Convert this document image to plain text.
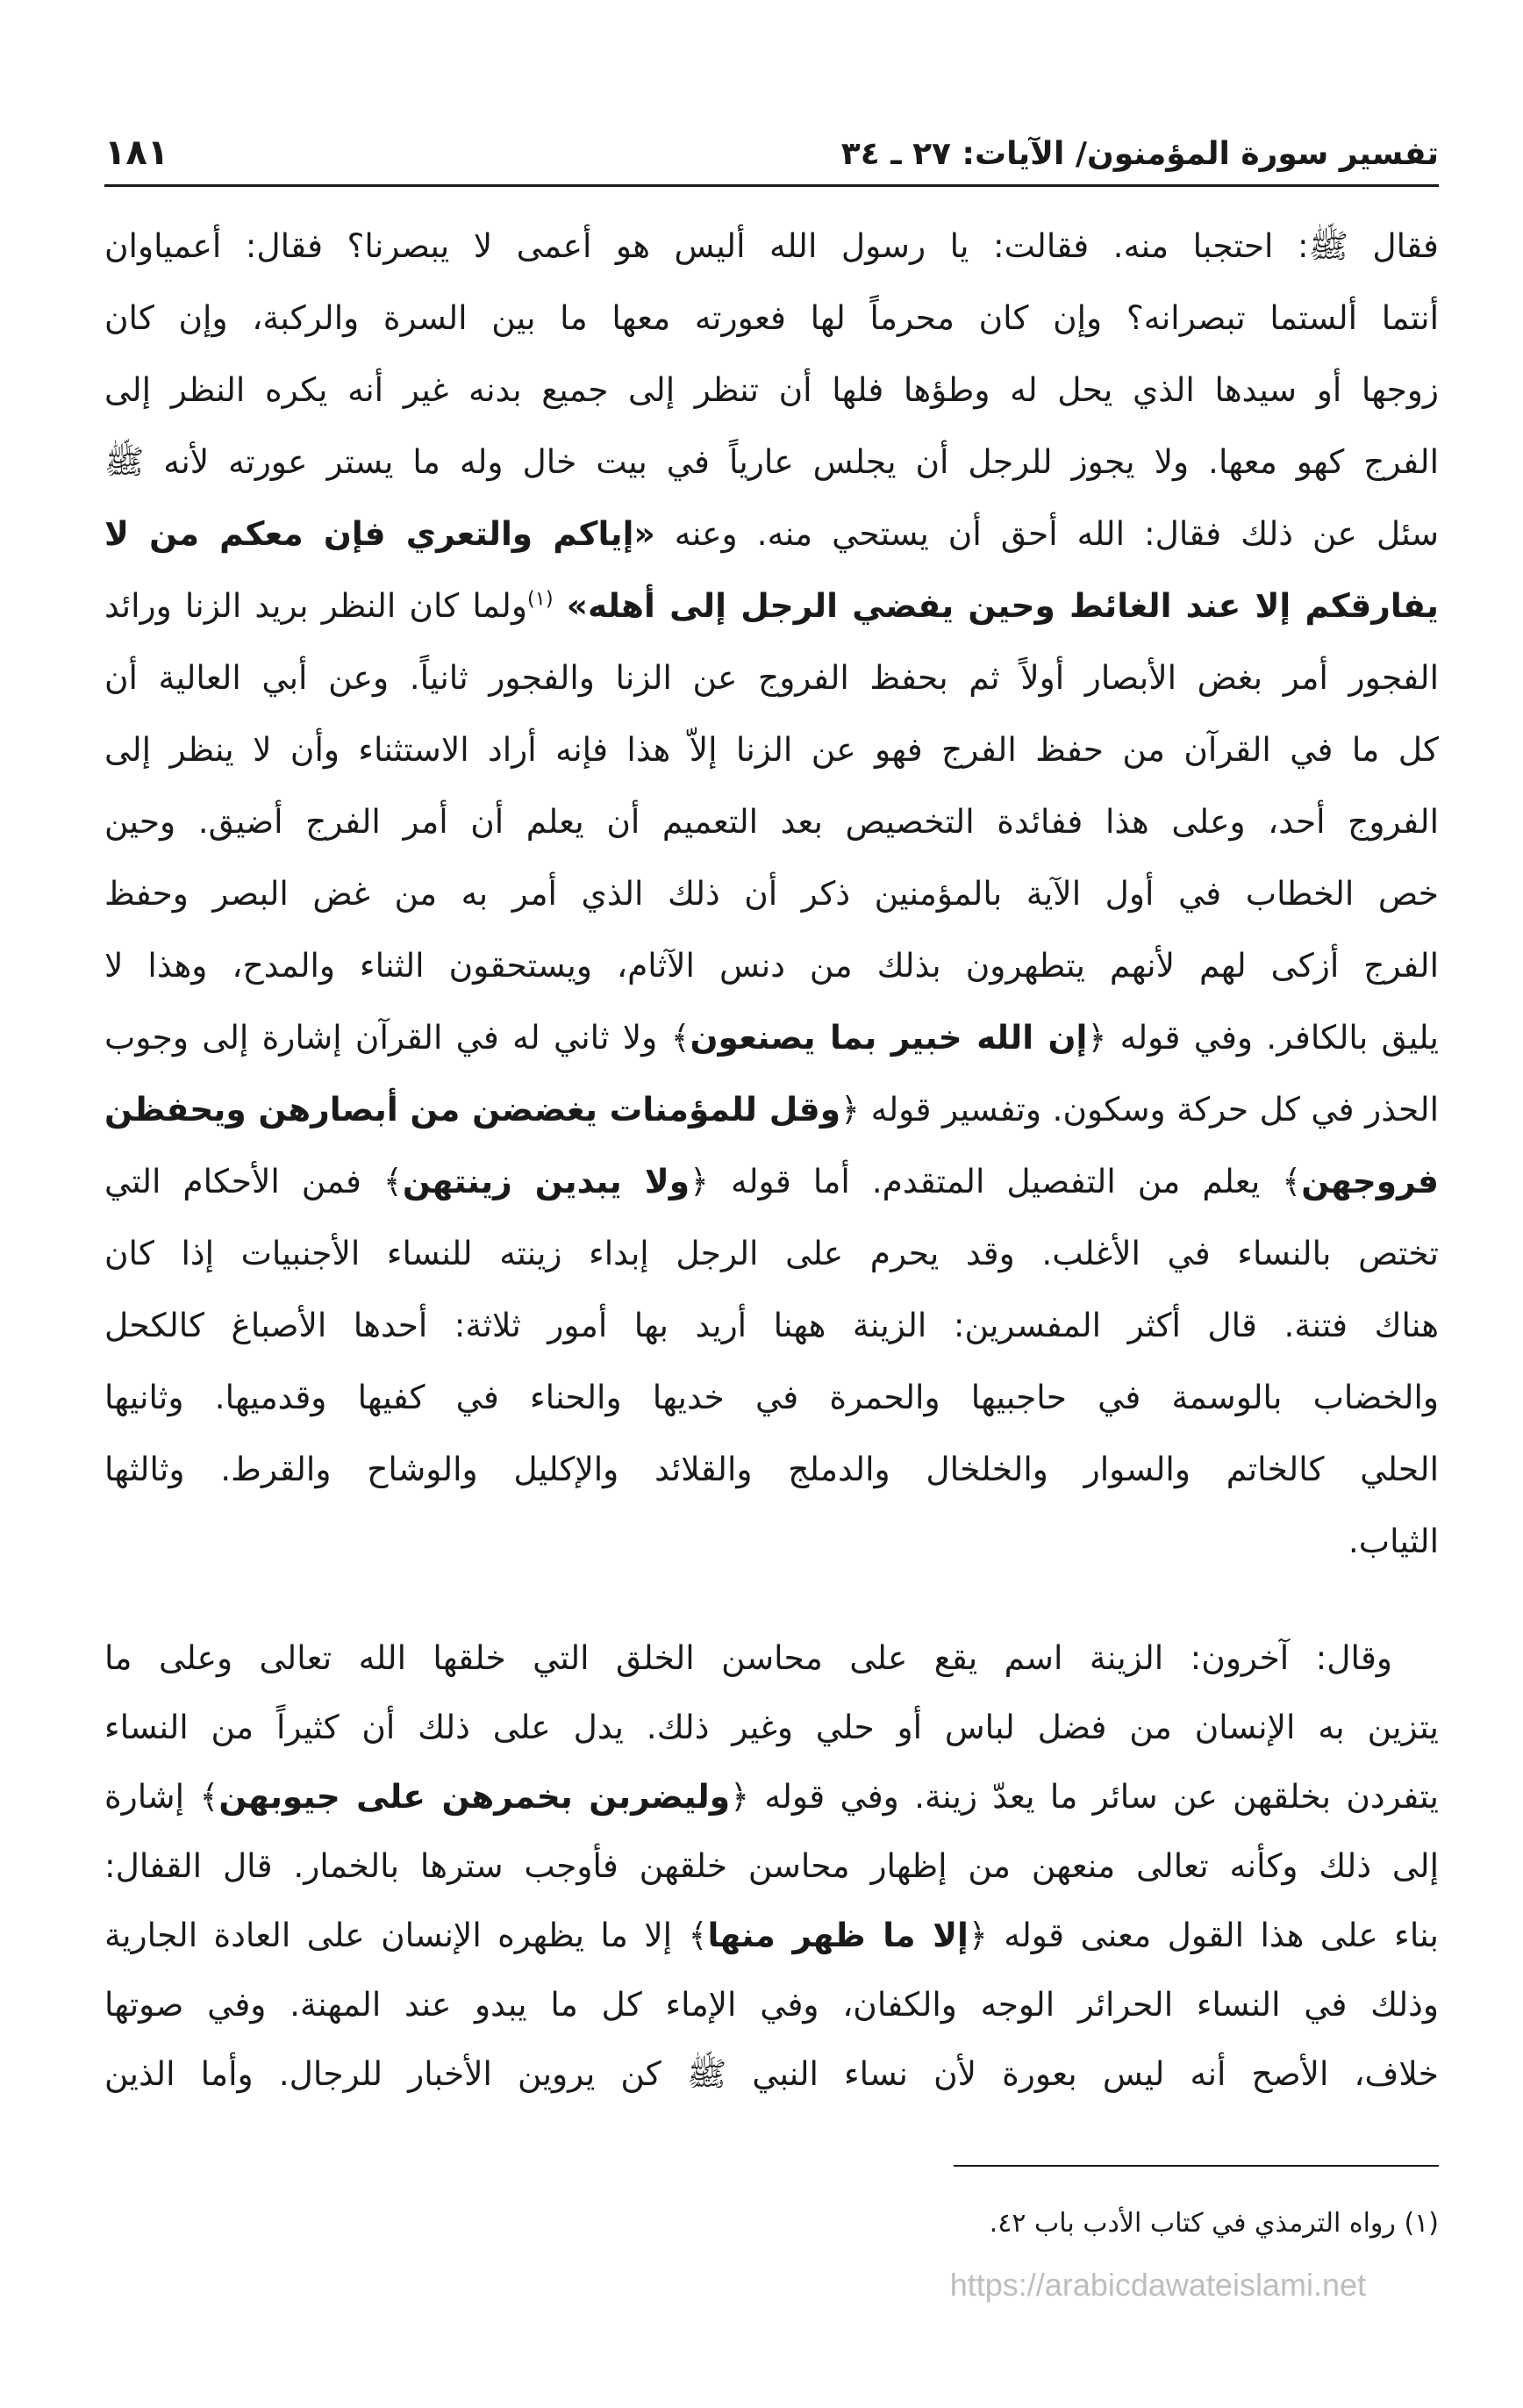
تفسير سورة المؤمنون/ الآيات: ٢٧ ـ ٣٤
١٨١
فقال ﷺ: احتجبا منه. فقالت: يا رسول الله أليس هو أعمى لا يبصرنا؟ فقال: أعمياوان
أنتما ألستما تبصرانه؟ وإن كان محرماً لها فعورته معها ما بين السرة والركبة، وإن كان
زوجها أو سيدها الذي يحل له وطؤها فلها أن تنظر إلى جميع بدنه غير أنه يكره النظر إلى
الفرج كهو معها. ولا يجوز للرجل أن يجلس عارياً في بيت خال وله ما يستر عورته لأنه ﷺ
سئل عن ذلك فقال: الله أحق أن يستحي منه. وعنه «إياكم والتعري فإن معكم من لا
يفارقكم إلا عند الغائط وحين يفضي الرجل إلى أهله» $^{(١)}$ولما كان النظر بريد الزنا ورائد
الفجور أمر بغض الأبصار أولاً ثم بحفظ الفروج عن الزنا والفجور ثانياً. وعن أبي العالية أن
كل ما في القرآن من حفظ الفرج فهو عن الزنا إلاّ هذا فإنه أراد الاستثناء وأن لا ينظر إلى
الفروج أحد، وعلى هذا ففائدة التخصيص بعد التعميم أن يعلم أن أمر الفرج أضيق. وحين
خص الخطاب في أول الآية بالمؤمنين ذكر أن ذلك الذي أمر به من غض البصر وحفظ
الفرج أزكى لهم لأنهم يتطهرون بذلك من دنس الآثام، ويستحقون الثناء والمدح، وهذا لا
يليق بالكافر. وفي قوله ﴿إن الله خبير بما يصنعون﴾ ولا ثاني له في القرآن إشارة إلى وجوب
الحذر في كل حركة وسكون. وتفسير قوله ﴿وقل للمؤمنات يغضضن من أبصارهن ويحفظن
فروجهن﴾ يعلم من التفصيل المتقدم. أما قوله ﴿ولا يبدين زينتهن﴾ فمن الأحكام التي
تختص بالنساء في الأغلب. وقد يحرم على الرجل إبداء زينته للنساء الأجنبيات إذا كان
هناك فتنة. قال أكثر المفسرين: الزينة ههنا أريد بها أمور ثلاثة: أحدها الأصباغ كالكحل
والخضاب بالوسمة في حاجبيها والحمرة في خديها والحناء في كفيها وقدميها. وثانيها
الحلي كالخاتم والسوار والخلخال والدملج والقلائد والإكليل والوشاح والقرط. وثالثها
الثياب.
وقال: آخرون: الزينة اسم يقع على محاسن الخلق التي خلقها الله تعالى وعلى ما
يتزين به الإنسان من فضل لباس أو حلي وغير ذلك. يدل على ذلك أن كثيراً من النساء
يتفردن بخلقهن عن سائر ما يعدّ زينة. وفي قوله ﴿وليضربن بخمرهن على جيوبهن﴾ إشارة
إلى ذلك وكأنه تعالى منعهن من إظهار محاسن خلقهن فأوجب سترها بالخمار. قال القفال:
بناء على هذا القول معنى قوله ﴿إلا ما ظهر منها﴾ إلا ما يظهره الإنسان على العادة الجارية
وذلك في النساء الحرائر الوجه والكفان، وفي الإماء كل ما يبدو عند المهنة. وفي صوتها
خلاف، الأصح أنه ليس بعورة لأن نساء النبي ﷺ كن يروين الأخبار للرجال. وأما الذين
(١) رواه الترمذي في كتاب الأدب باب ٤٢.
https://arabicdawateislami.net
